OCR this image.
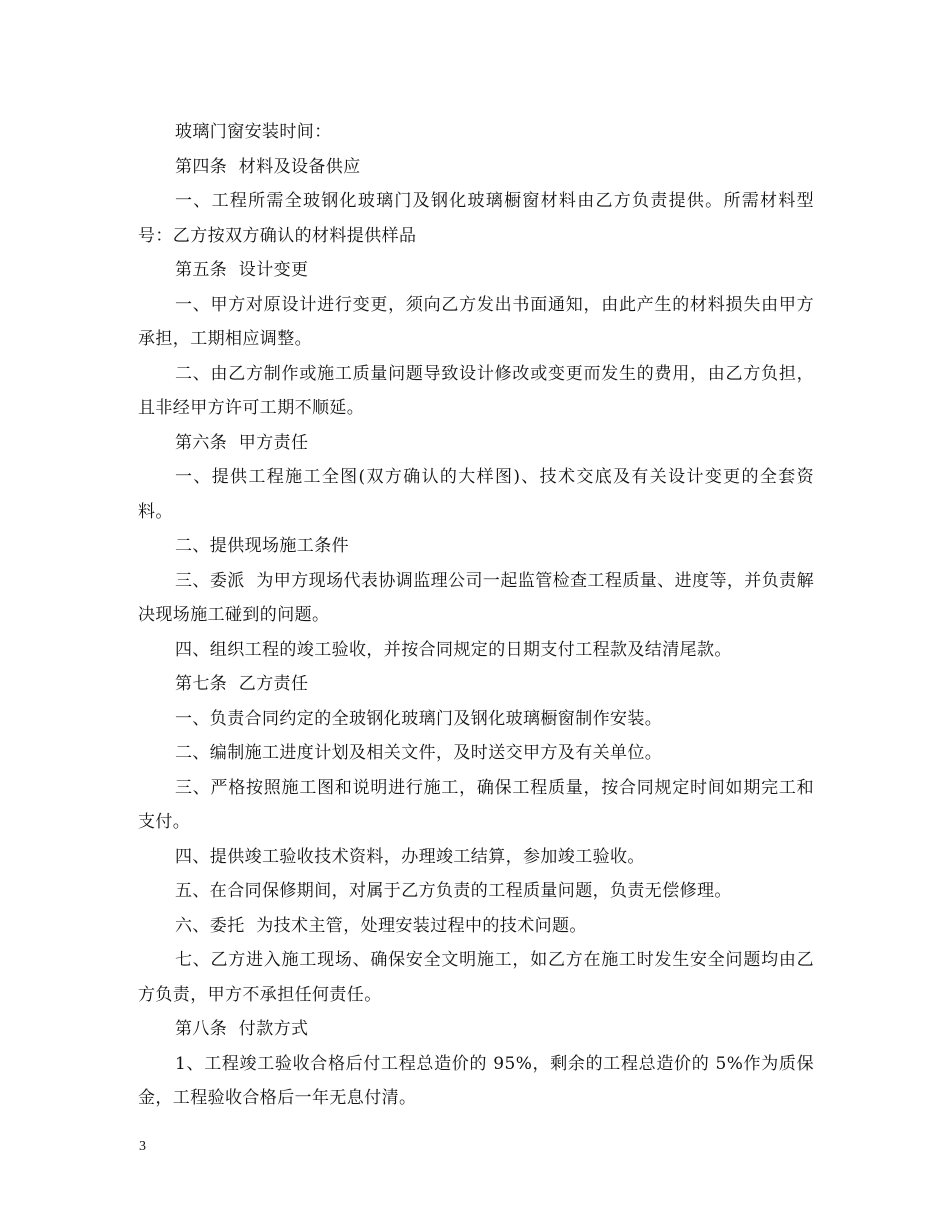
玻璃门窗安装时间：

第四条  材料及设备供应

一、工程所需全玻钢化玻璃门及钢化玻璃橱窗材料由乙方负责提供。所需材料型号：乙方按双方确认的材料提供样品

第五条  设计变更

一、甲方对原设计进行变更，须向乙方发出书面通知，由此产生的材料损失由甲方承担，工期相应调整。

二、由乙方制作或施工质量问题导致设计修改或变更而发生的费用，由乙方负担，且非经甲方许可工期不顺延。

第六条  甲方责任

一、提供工程施工全图(双方确认的大样图)、技术交底及有关设计变更的全套资料。

二、提供现场施工条件

三、委派  为甲方现场代表协调监理公司一起监管检查工程质量、进度等，并负责解决现场施工碰到的问题。

四、组织工程的竣工验收，并按合同规定的日期支付工程款及结清尾款。

第七条  乙方责任

一、负责合同约定的全玻钢化玻璃门及钢化玻璃橱窗制作安装。

二、编制施工进度计划及相关文件，及时送交甲方及有关单位。

三、严格按照施工图和说明进行施工，确保工程质量，按合同规定时间如期完工和支付。

四、提供竣工验收技术资料，办理竣工结算，参加竣工验收。

五、在合同保修期间，对属于乙方负责的工程质量问题，负责无偿修理。

六、委托  为技术主管，处理安装过程中的技术问题。

七、乙方进入施工现场、确保安全文明施工，如乙方在施工时发生安全问题均由乙方负责，甲方不承担任何责任。

第八条  付款方式

1、工程竣工验收合格后付工程总造价的 95%，剩余的工程总造价的 5%作为质保金，工程验收合格后一年无息付清。

3
